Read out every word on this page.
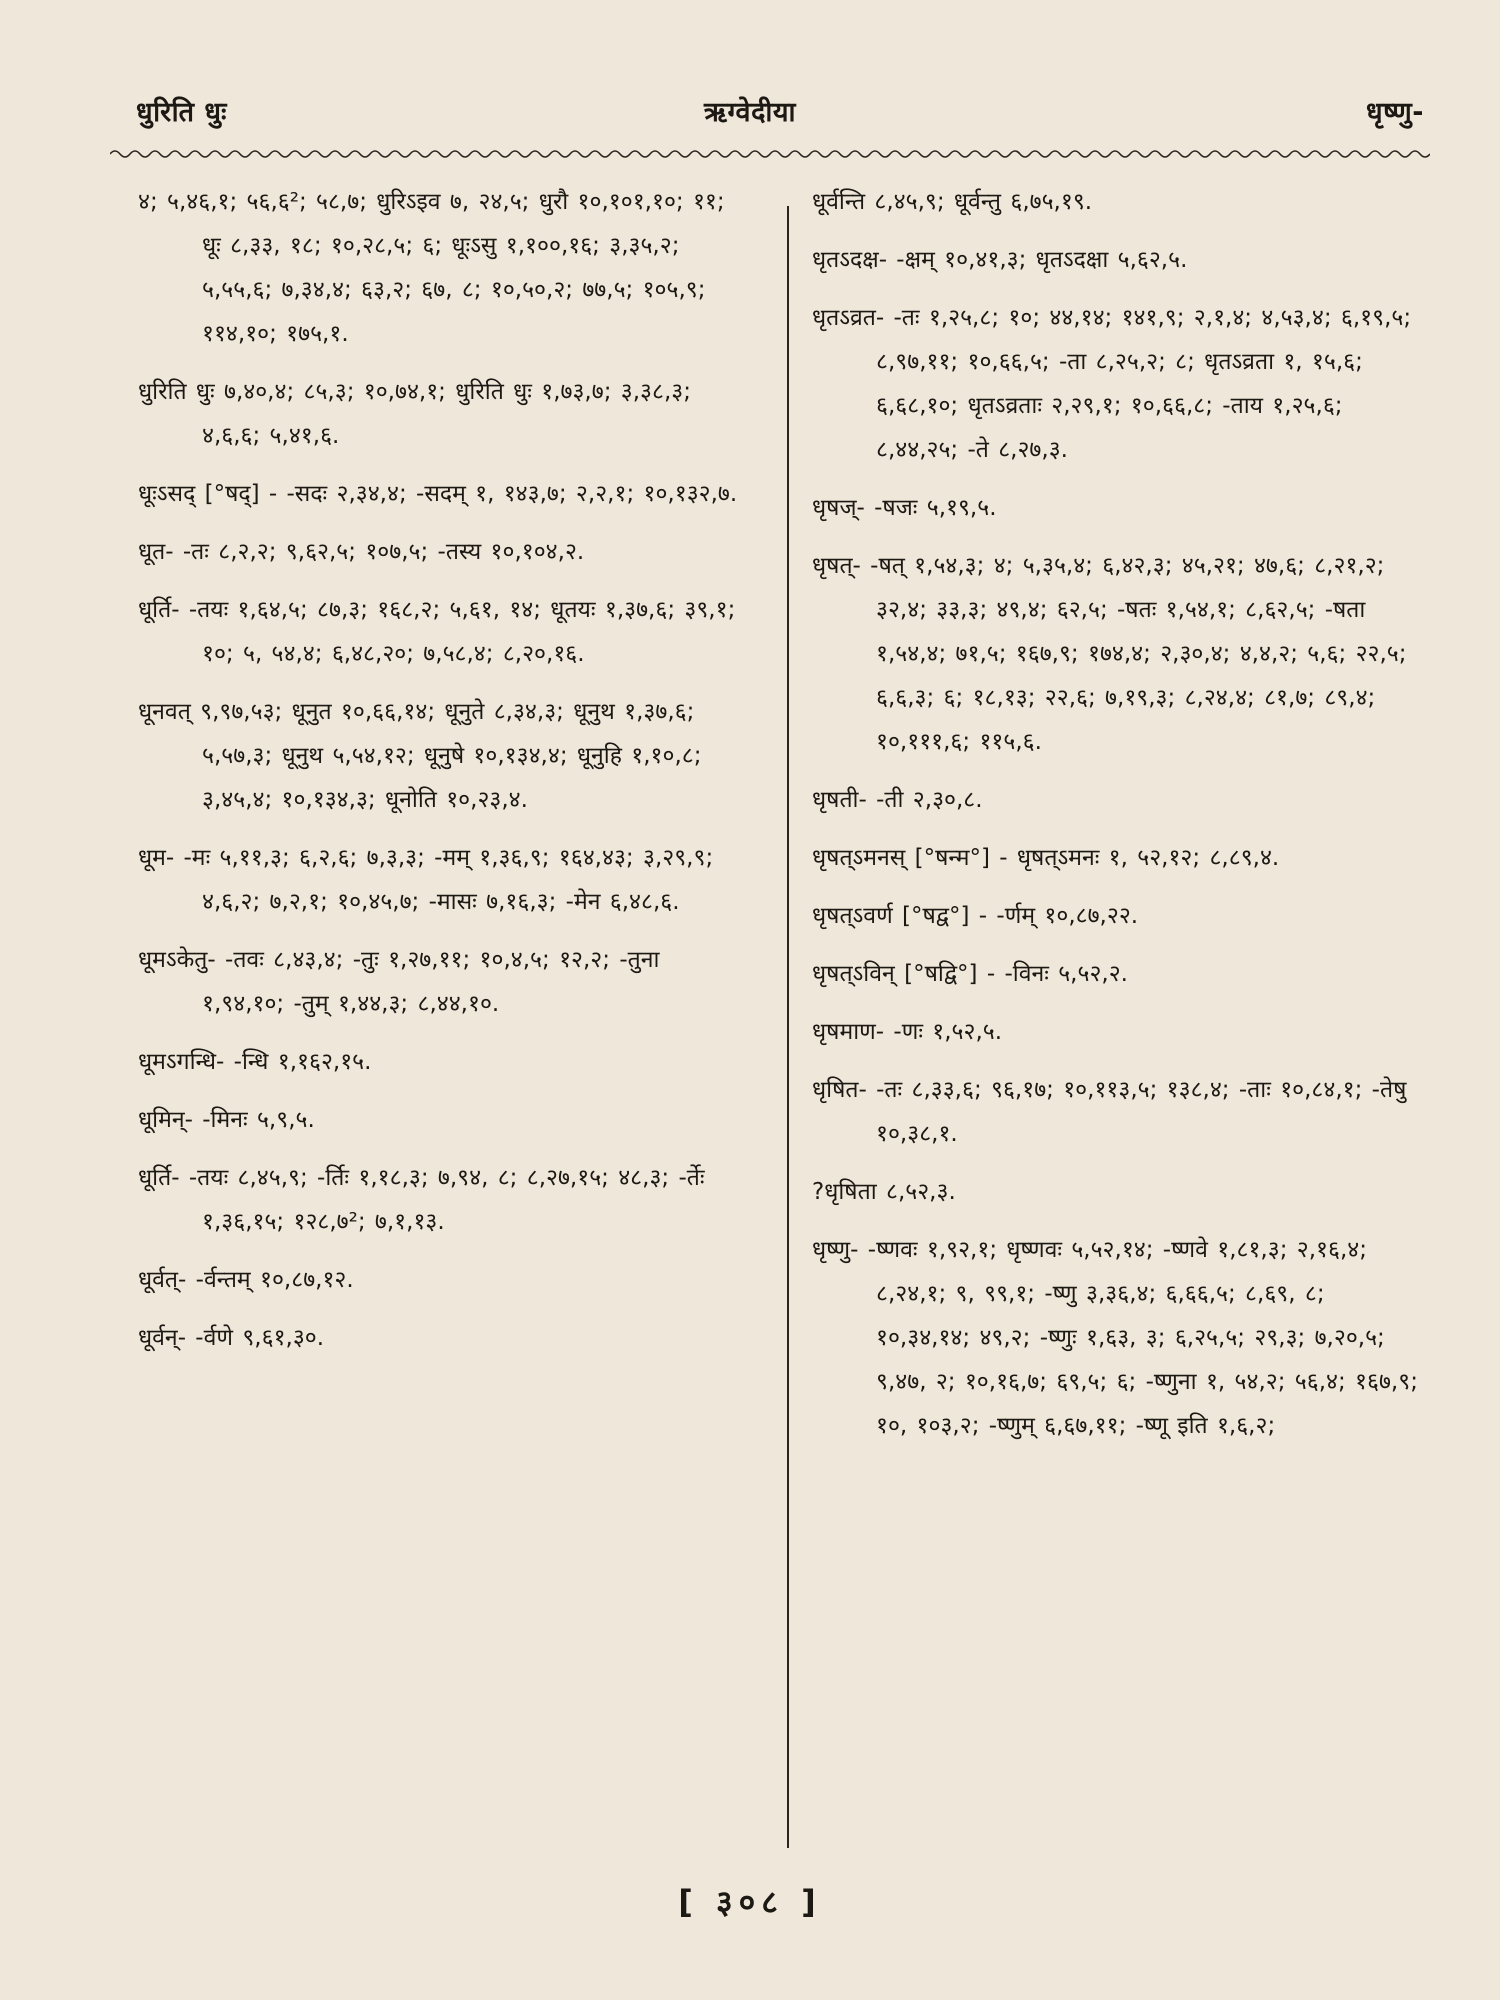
धुरिति धुः	ऋग्वेदीया	धृष्णु-

४; ५,४६,१; ५६,६²; ५८,७; धुरिऽइव ७, २४,५; धुरौ १०,१०१,१०; ११; धूः ८,३३, १८; १०,२८,५; ६; धूःऽसु १,१००,१६; ३,३५,२; ५,५५,६; ७,३४,४; ६३,२; ६७, ८; १०,५०,२; ७७,५; १०५,९; ११४,१०; १७५,१.

धुरिति धुः ७,४०,४; ८५,३; १०,७४,१; धुरिति धुः १,७३,७; ३,३८,३; ४,६,६; ५,४१,६.

धूःऽसद् [°षद्] - -सदः २,३४,४; -सदम् १, १४३,७; २,२,१; १०,१३२,७.

धूत- -तः ८,२,२; ९,६२,५; १०७,५; -तस्य १०,१०४,२.

धूर्ति- -तयः १,६४,५; ८७,३; १६८,२; ५,६१, १४; धूतयः १,३७,६; ३९,१; १०; ५, ५४,४; ६,४८,२०; ७,५८,४; ८,२०,१६.

धूनवत् ९,९७,५३; धूनुत १०,६६,१४; धूनुते ८,३४,३; धूनुथ १,३७,६; ५,५७,३; धूनुथ ५,५४,१२; धूनुषे १०,१३४,४; धूनुहि १,१०,८; ३,४५,४; १०,१३४,३; धूनोति १०,२३,४.

धूम- -मः ५,११,३; ६,२,६; ७,३,३; -मम् १,३६,९; १६४,४३; ३,२९,९; ४,६,२; ७,२,१; १०,४५,७; -मासः ७,१६,३; -मेन ६,४८,६.

धूमऽकेतु- -तवः ८,४३,४; -तुः १,२७,११; १०,४,५; १२,२; -तुना १,९४,१०; -तुम् १,४४,३; ८,४४,१०.

धूमऽगन्धि- -न्धि १,१६२,१५.

धूमिन्- -मिनः ५,९,५.

धूर्ति- -तयः ८,४५,९; -र्तिः १,१८,३; ७,९४, ८; ८,२७,१५; ४८,३; -र्तेः १,३६,१५; १२८,७²; ७,१,१३.

धूर्वत्- -र्वन्तम् १०,८७,१२.

धूर्वन्- -र्वणे ९,६१,३०.

धूर्वन्ति ८,४५,९; धूर्वन्तु ६,७५,१९.

धृतऽदक्ष- -क्षम् १०,४१,३; धृतऽदक्षा ५,६२,५.

धृतऽव्रत- -तः १,२५,८; १०; ४४,१४; १४१,९; २,१,४; ४,५३,४; ६,१९,५; ८,९७,११; १०,६६,५; -ता ८,२५,२; ८; धृतऽव्रता १, १५,६; ६,६८,१०; धृतऽव्रताः २,२९,१; १०,६६,८; -ताय १,२५,६; ८,४४,२५; -ते ८,२७,३.

धृषज्- -षजः ५,१९,५.

धृषत्- -षत् १,५४,३; ४; ५,३५,४; ६,४२,३; ४५,२१; ४७,६; ८,२१,२; ३२,४; ३३,३; ४९,४; ६२,५; -षतः १,५४,१; ८,६२,५; -षता १,५४,४; ७१,५; १६७,९; १७४,४; २,३०,४; ४,४,२; ५,६; २२,५; ६,६,३; ६; १८,१३; २२,६; ७,१९,३; ८,२४,४; ८१,७; ८९,४; १०,१११,६; ११५,६.

धृषती- -ती २,३०,८.

धृषत्ऽमनस् [°षन्म°] - धृषत्ऽमनः १, ५२,१२; ८,८९,४.

धृषत्ऽवर्ण [°षद्व°] - -र्णम् १०,८७,२२.

धृषत्ऽविन् [°षद्वि°] - -विनः ५,५२,२.

धृषमाण- -णः १,५२,५.

धृषित- -तः ८,३३,६; ९६,१७; १०,११३,५; १३८,४; -ताः १०,८४,१; -तेषु १०,३८,१.

?धृषिता ८,५२,३.

धृष्णु- -ष्णवः १,९२,१; धृष्णवः ५,५२,१४; -ष्णवे १,८१,३; २,१६,४; ८,२४,१; ९, ९९,१; -ष्णु ३,३६,४; ६,६६,५; ८,६९, ८; १०,३४,१४; ४९,२; -ष्णुः १,६३, ३; ६,२५,५; २९,३; ७,२०,५; ९,४७, २; १०,१६,७; ६९,५; ६; -ष्णुना १, ५४,२; ५६,४; १६७,९; १०, १०३,२; -ष्णुम् ६,६७,११; -ष्णू इति १,६,२;

[ ३०८ ]
